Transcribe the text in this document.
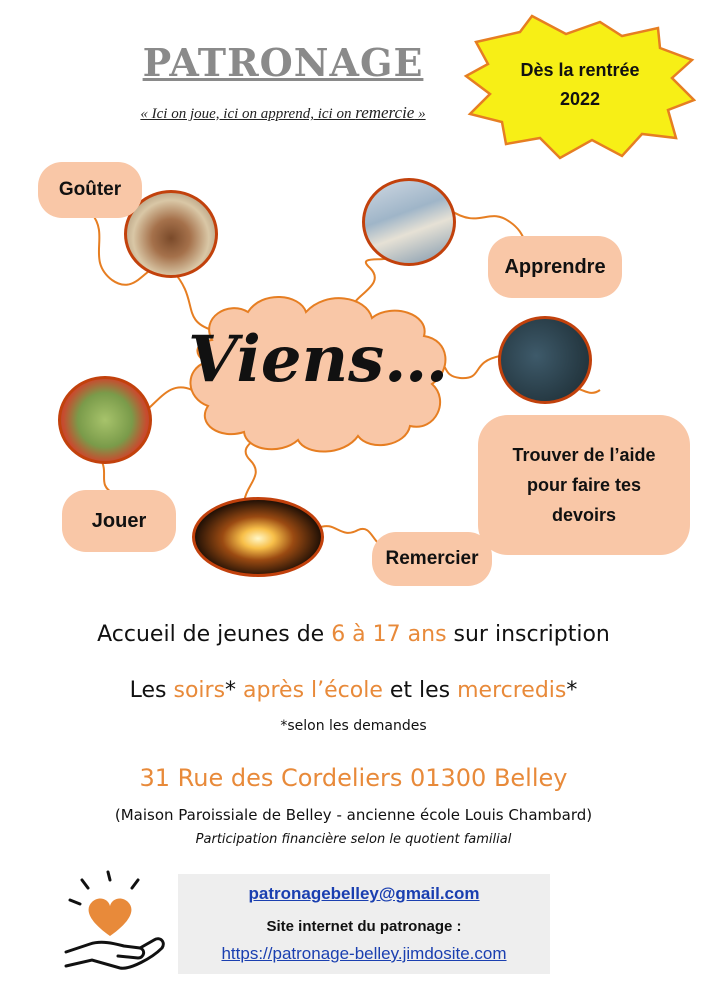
PATRONAGE
« Ici on joue, ici on apprend, ici on remercie »
Dès la rentrée
2022
Viens…
Goûter
Apprendre
Trouver de l’aide
pour faire tes
devoirs
Jouer
Remercier
Accueil de jeunes de 6 à 17 ans sur inscription
Les soirs* après l’école et les mercredis*
*selon les demandes
31 Rue des Cordeliers 01300 Belley
(Maison Paroissiale de Belley - ancienne école Louis Chambard)
Participation financière selon le quotient familial
patronagebelley@gmail.com
Site internet du patronage :
https://patronage-belley.jimdosite.com
